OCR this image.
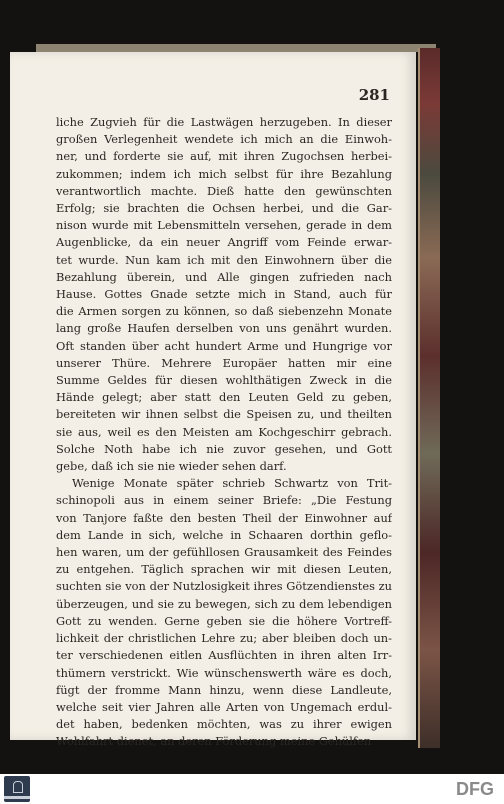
281
liche Zugvieh für die Lastwägen herzugeben. In dieser
großen Verlegenheit wendete ich mich an die Einwoh-
ner, und forderte sie auf, mit ihren Zugochsen herbei-
zukommen; indem ich mich selbst für ihre Bezahlung
verantwortlich machte. Dieß hatte den gewünschten
Erfolg; sie brachten die Ochsen herbei, und die Gar-
nison wurde mit Lebensmitteln versehen, gerade in dem
Augenblicke, da ein neuer Angriff vom Feinde erwar-
tet wurde. Nun kam ich mit den Einwohnern über die
Bezahlung überein, und Alle gingen zufrieden nach
Hause. Gottes Gnade setzte mich in Stand, auch für
die Armen sorgen zu können, so daß siebenzehn Monate
lang große Haufen derselben von uns genährt wurden.
Oft standen über acht hundert Arme und Hungrige vor
unserer Thüre. Mehrere Europäer hatten mir eine
Summe Geldes für diesen wohlthätigen Zweck in die
Hände gelegt; aber statt den Leuten Geld zu geben,
bereiteten wir ihnen selbst die Speisen zu, und theilten
sie aus, weil es den Meisten am Kochgeschirr gebrach.
Solche Noth habe ich nie zuvor gesehen, und Gott
gebe, daß ich sie nie wieder sehen darf.
Wenige Monate später schrieb Schwartz von Trit-
schinopoli aus in einem seiner Briefe: „Die Festung
von Tanjore faßte den besten Theil der Einwohner auf
dem Lande in sich, welche in Schaaren dorthin geflo-
hen waren, um der gefühllosen Grausamkeit des Feindes
zu entgehen. Täglich sprachen wir mit diesen Leuten,
suchten sie von der Nutzlosigkeit ihres Götzendienstes zu
überzeugen, und sie zu bewegen, sich zu dem lebendigen
Gott zu wenden. Gerne geben sie die höhere Vortreff-
lichkeit der christlichen Lehre zu; aber bleiben doch un-
ter verschiedenen eitlen Ausflüchten in ihren alten Irr-
thümern verstrickt. Wie wünschenswerth wäre es doch,
fügt der fromme Mann hinzu, wenn diese Landleute,
welche seit vier Jahren alle Arten von Ungemach erdul-
det haben, bedenken möchten, was zu ihrer ewigen
Wohlfahrt dienet, an deren Förderung meine Gehülfen
DFG
